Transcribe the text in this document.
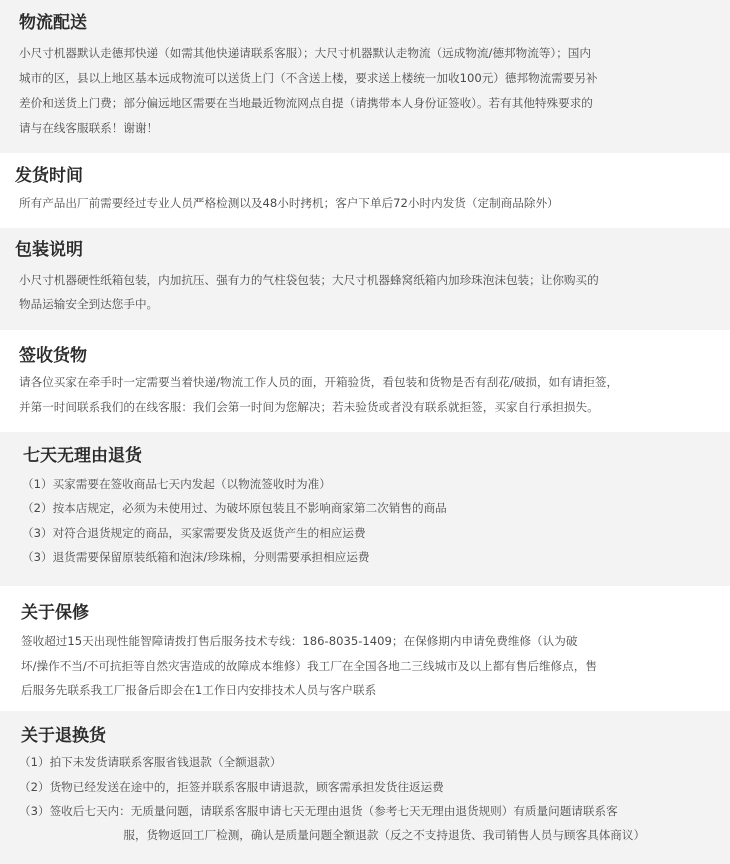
物流配送
小尺寸机器默认走德邦快递（如需其他快递请联系客服）；大尺寸机器默认走物流（远成物流/德邦物流等）；国内
城市的区，县以上地区基本远成物流可以送货上门（不含送上楼，要求送上楼统一加收100元）德邦物流需要另补
差价和送货上门费；部分偏远地区需要在当地最近物流网点自提（请携带本人身份证签收）。若有其他特殊要求的
请与在线客服联系！谢谢！
发货时间
所有产品出厂前需要经过专业人员严格检测以及48小时拷机；客户下单后72小时内发货（定制商品除外）
包装说明
小尺寸机器硬性纸箱包装，内加抗压、强有力的气柱袋包装；大尺寸机器蜂窝纸箱内加珍珠泡沫包装；让你购买的
物品运输安全到达您手中。
签收货物
请各位买家在牵手时一定需要当着快递/物流工作人员的面，开箱验货，看包装和货物是否有刮花/破损，如有请拒签，
并第一时间联系我们的在线客服：我们会第一时间为您解决；若未验货或者没有联系就拒签，买家自行承担损失。
七天无理由退货
（1）买家需要在签收商品七天内发起（以物流签收时为准）
（2）按本店规定，必须为未使用过、为破坏原包装且不影响商家第二次销售的商品
（3）对符合退货规定的商品，买家需要发货及返货产生的相应运费
（3）退货需要保留原装纸箱和泡沫/珍珠棉，分则需要承担相应运费
关于保修
签收超过15天出现性能智障请拨打售后服务技术专线：186-8035-1409；在保修期内申请免费维修（认为破
坏/操作不当/不可抗拒等自然灾害造成的故障成本维修）我工厂在全国各地二三线城市及以上都有售后维修点，售
后服务先联系我工厂报备后即会在1工作日内安排技术人员与客户联系
关于退换货
（1）拍下未发货请联系客服省钱退款（全额退款）
（2）货物已经发送在途中的，拒签并联系客服申请退款，顾客需承担发货往返运费
（3）签收后七天内：无质量问题，请联系客服申请七天无理由退货（参考七天无理由退货规则）有质量问题请联系客
　　　　　　　　　服，货物返回工厂检测，确认是质量问题全额退款（反之不支持退货、我司销售人员与顾客具体商议）
